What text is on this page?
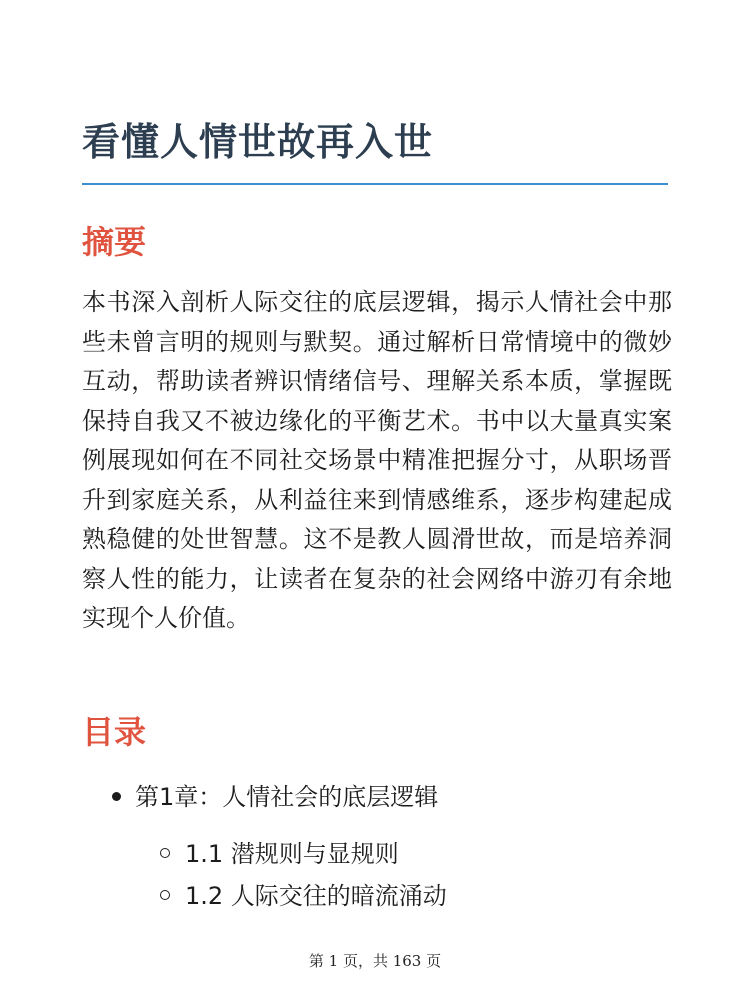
看懂人情世故再入世
摘要

本书深入剖析人际交往的底层逻辑，揭示人情社会中那些未曾言明的规则与默契。通过解析日常情境中的微妙互动，帮助读者辨识情绪信号、理解关系本质，掌握既保持自我又不被边缘化的平衡艺术。书中以大量真实案例展现如何在不同社交场景中精准把握分寸，从职场晋升到家庭关系，从利益往来到情感维系，逐步构建起成熟稳健的处世智慧。这不是教人圆滑世故，而是培养洞察人性的能力，让读者在复杂的社会网络中游刃有余地实现个人价值。

目录
第1章：人情社会的底层逻辑
1.1 潜规则与显规则
1.2 人际交往的暗流涌动
第 1 页，共 163 页
